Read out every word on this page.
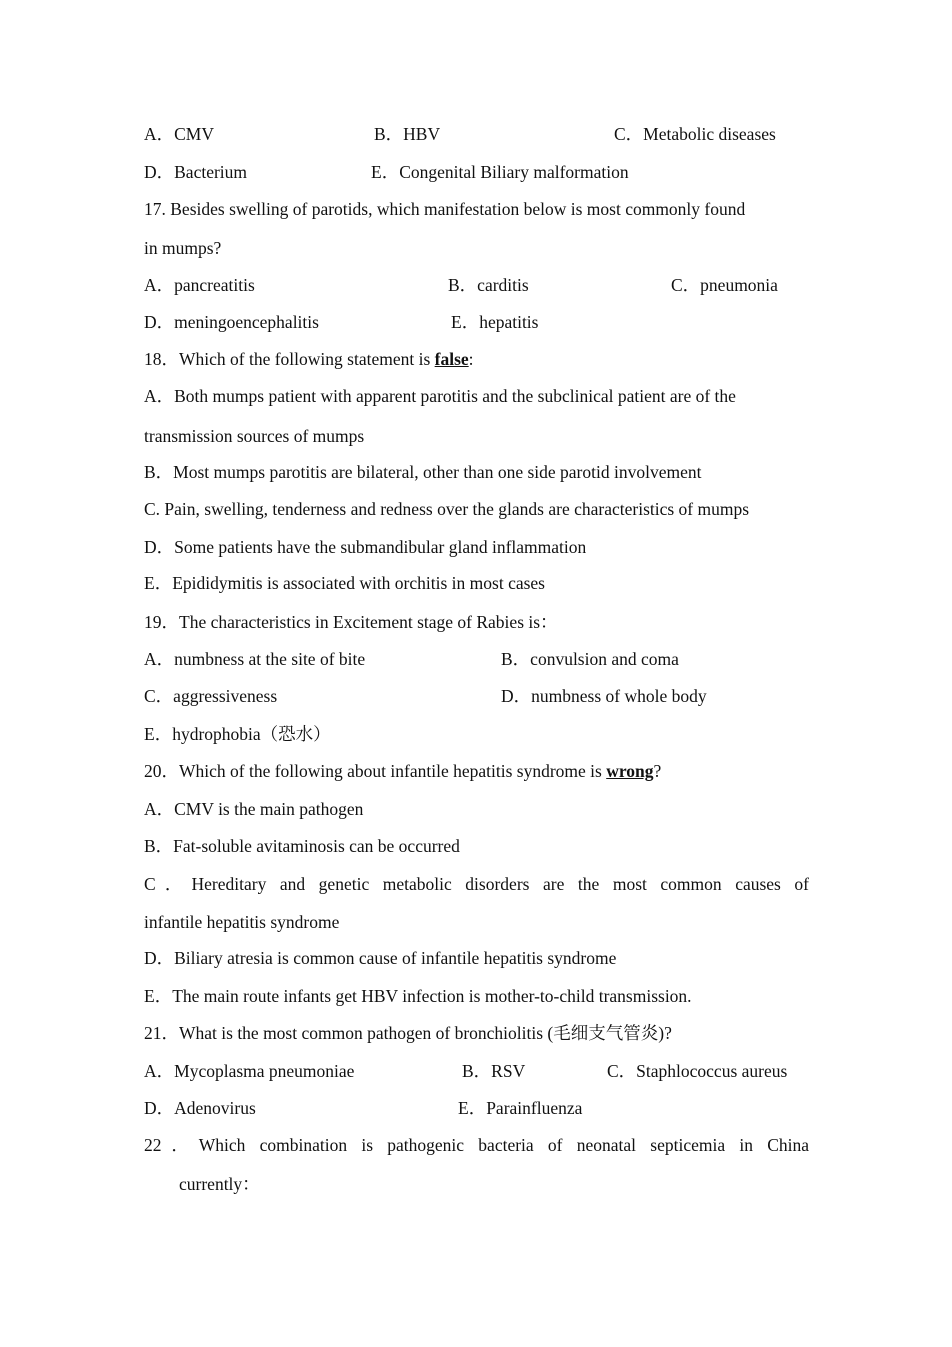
A．CMV	B．HBV	C．Metabolic diseases
D．Bacterium	E．Congenital Biliary malformation
17. Besides swelling of parotids, which manifestation below is most commonly found
in mumps?
A．pancreatitis	B．carditis	C．pneumonia
D．meningoencephalitis	E．hepatitis
18．Which of the following statement is false:
A．Both mumps patient with apparent parotitis and the subclinical patient are of the
transmission sources of mumps
B．Most mumps parotitis are bilateral, other than one side parotid involvement
C. Pain, swelling, tenderness and redness over the glands are characteristics of mumps
D．Some patients have the submandibular gland inflammation
E．Epididymitis is associated with orchitis in most cases
19．The characteristics in Excitement stage of Rabies is：
A．numbness at the site of bite	B．convulsion and coma
C．aggressiveness	D．numbness of whole body
E．hydrophobia（恐水）
20．Which of the following about infantile hepatitis syndrome is wrong?
A．CMV is the main pathogen
B．Fat-soluble avitaminosis can be occurred
C．Hereditary and genetic metabolic disorders are the most common causes of
infantile hepatitis syndrome
D．Biliary atresia is common cause of infantile hepatitis syndrome
E．The main route infants get HBV infection is mother-to-child transmission.
21．What is the most common pathogen of bronchiolitis (毛细支气管炎)?
A．Mycoplasma pneumoniae	B．RSV	C．Staphlococcus aureus
D．Adenovirus	E．Parainfluenza
22．Which combination is pathogenic bacteria of neonatal septicemia in China
currently：
